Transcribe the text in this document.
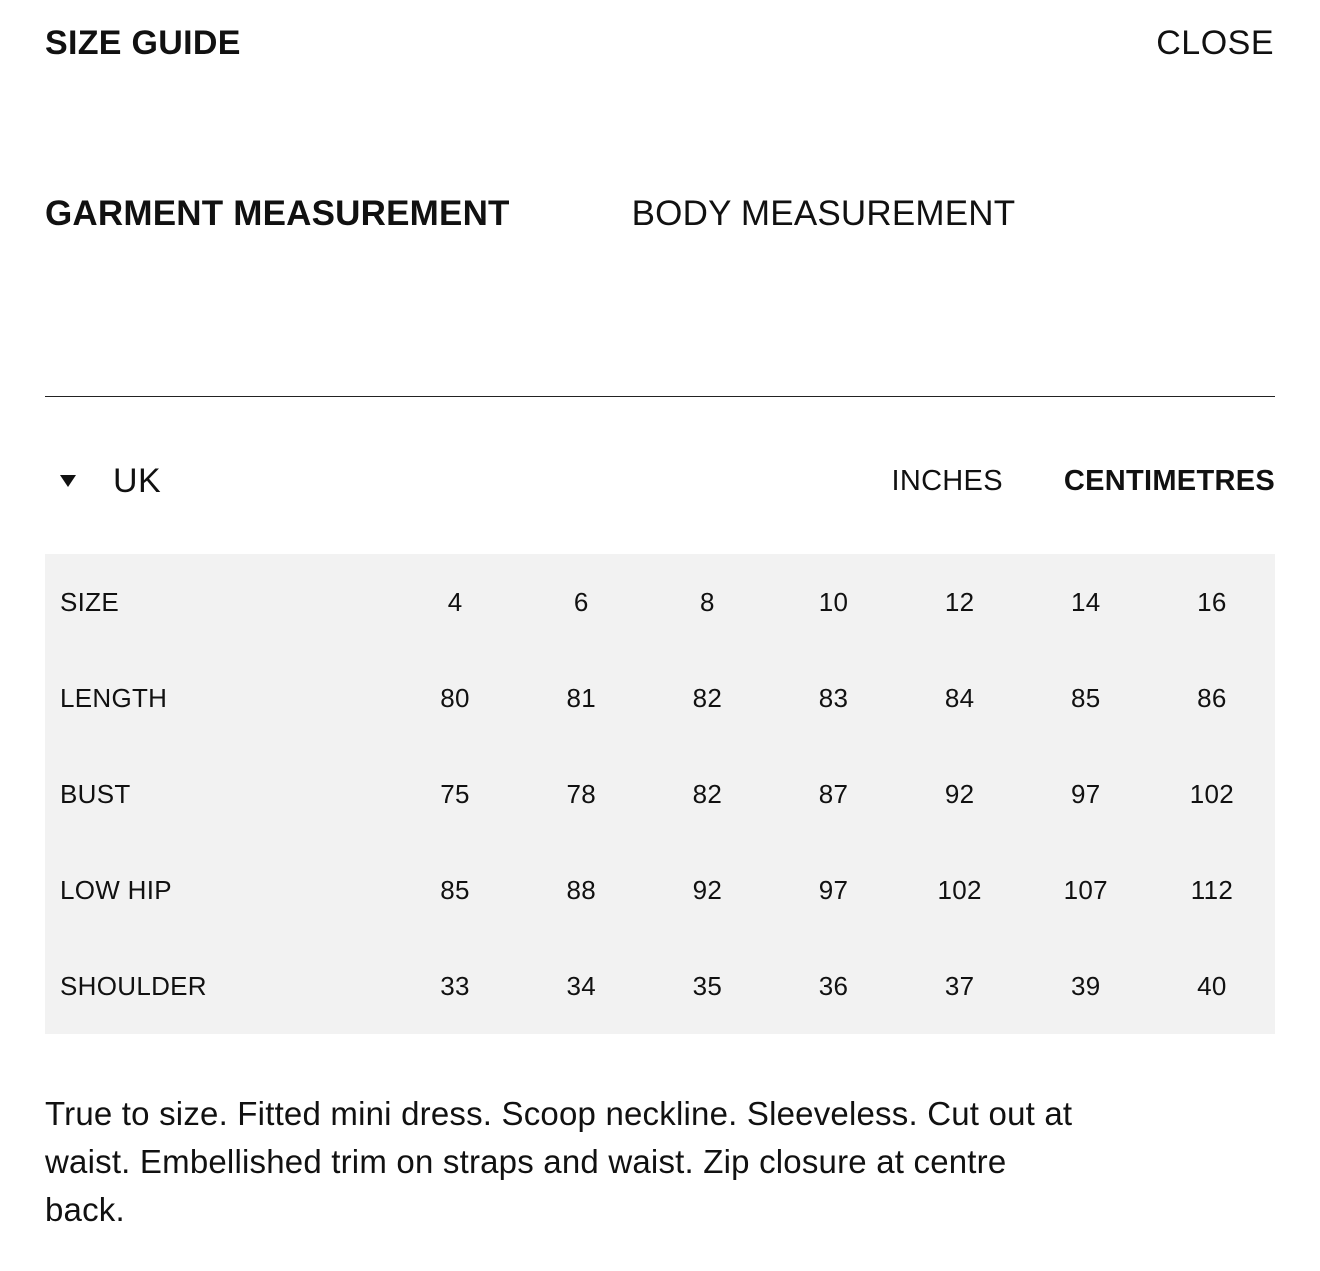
SIZE GUIDE	CLOSE
GARMENT MEASUREMENT	BODY MEASUREMENT
UK	INCHES CENTIMETRES
SIZE	4	6	8	10	12	14	16
LENGTH	80	81	82	83	84	85	86
BUST	75	78	82	87	92	97	102
LOW HIP	85	88	92	97	102	107	112
SHOULDER	33	34	35	36	37	39	40

True to size. Fitted mini dress. Scoop neckline. Sleeveless. Cut out at waist. Embellished trim on straps and waist. Zip closure at centre back.
